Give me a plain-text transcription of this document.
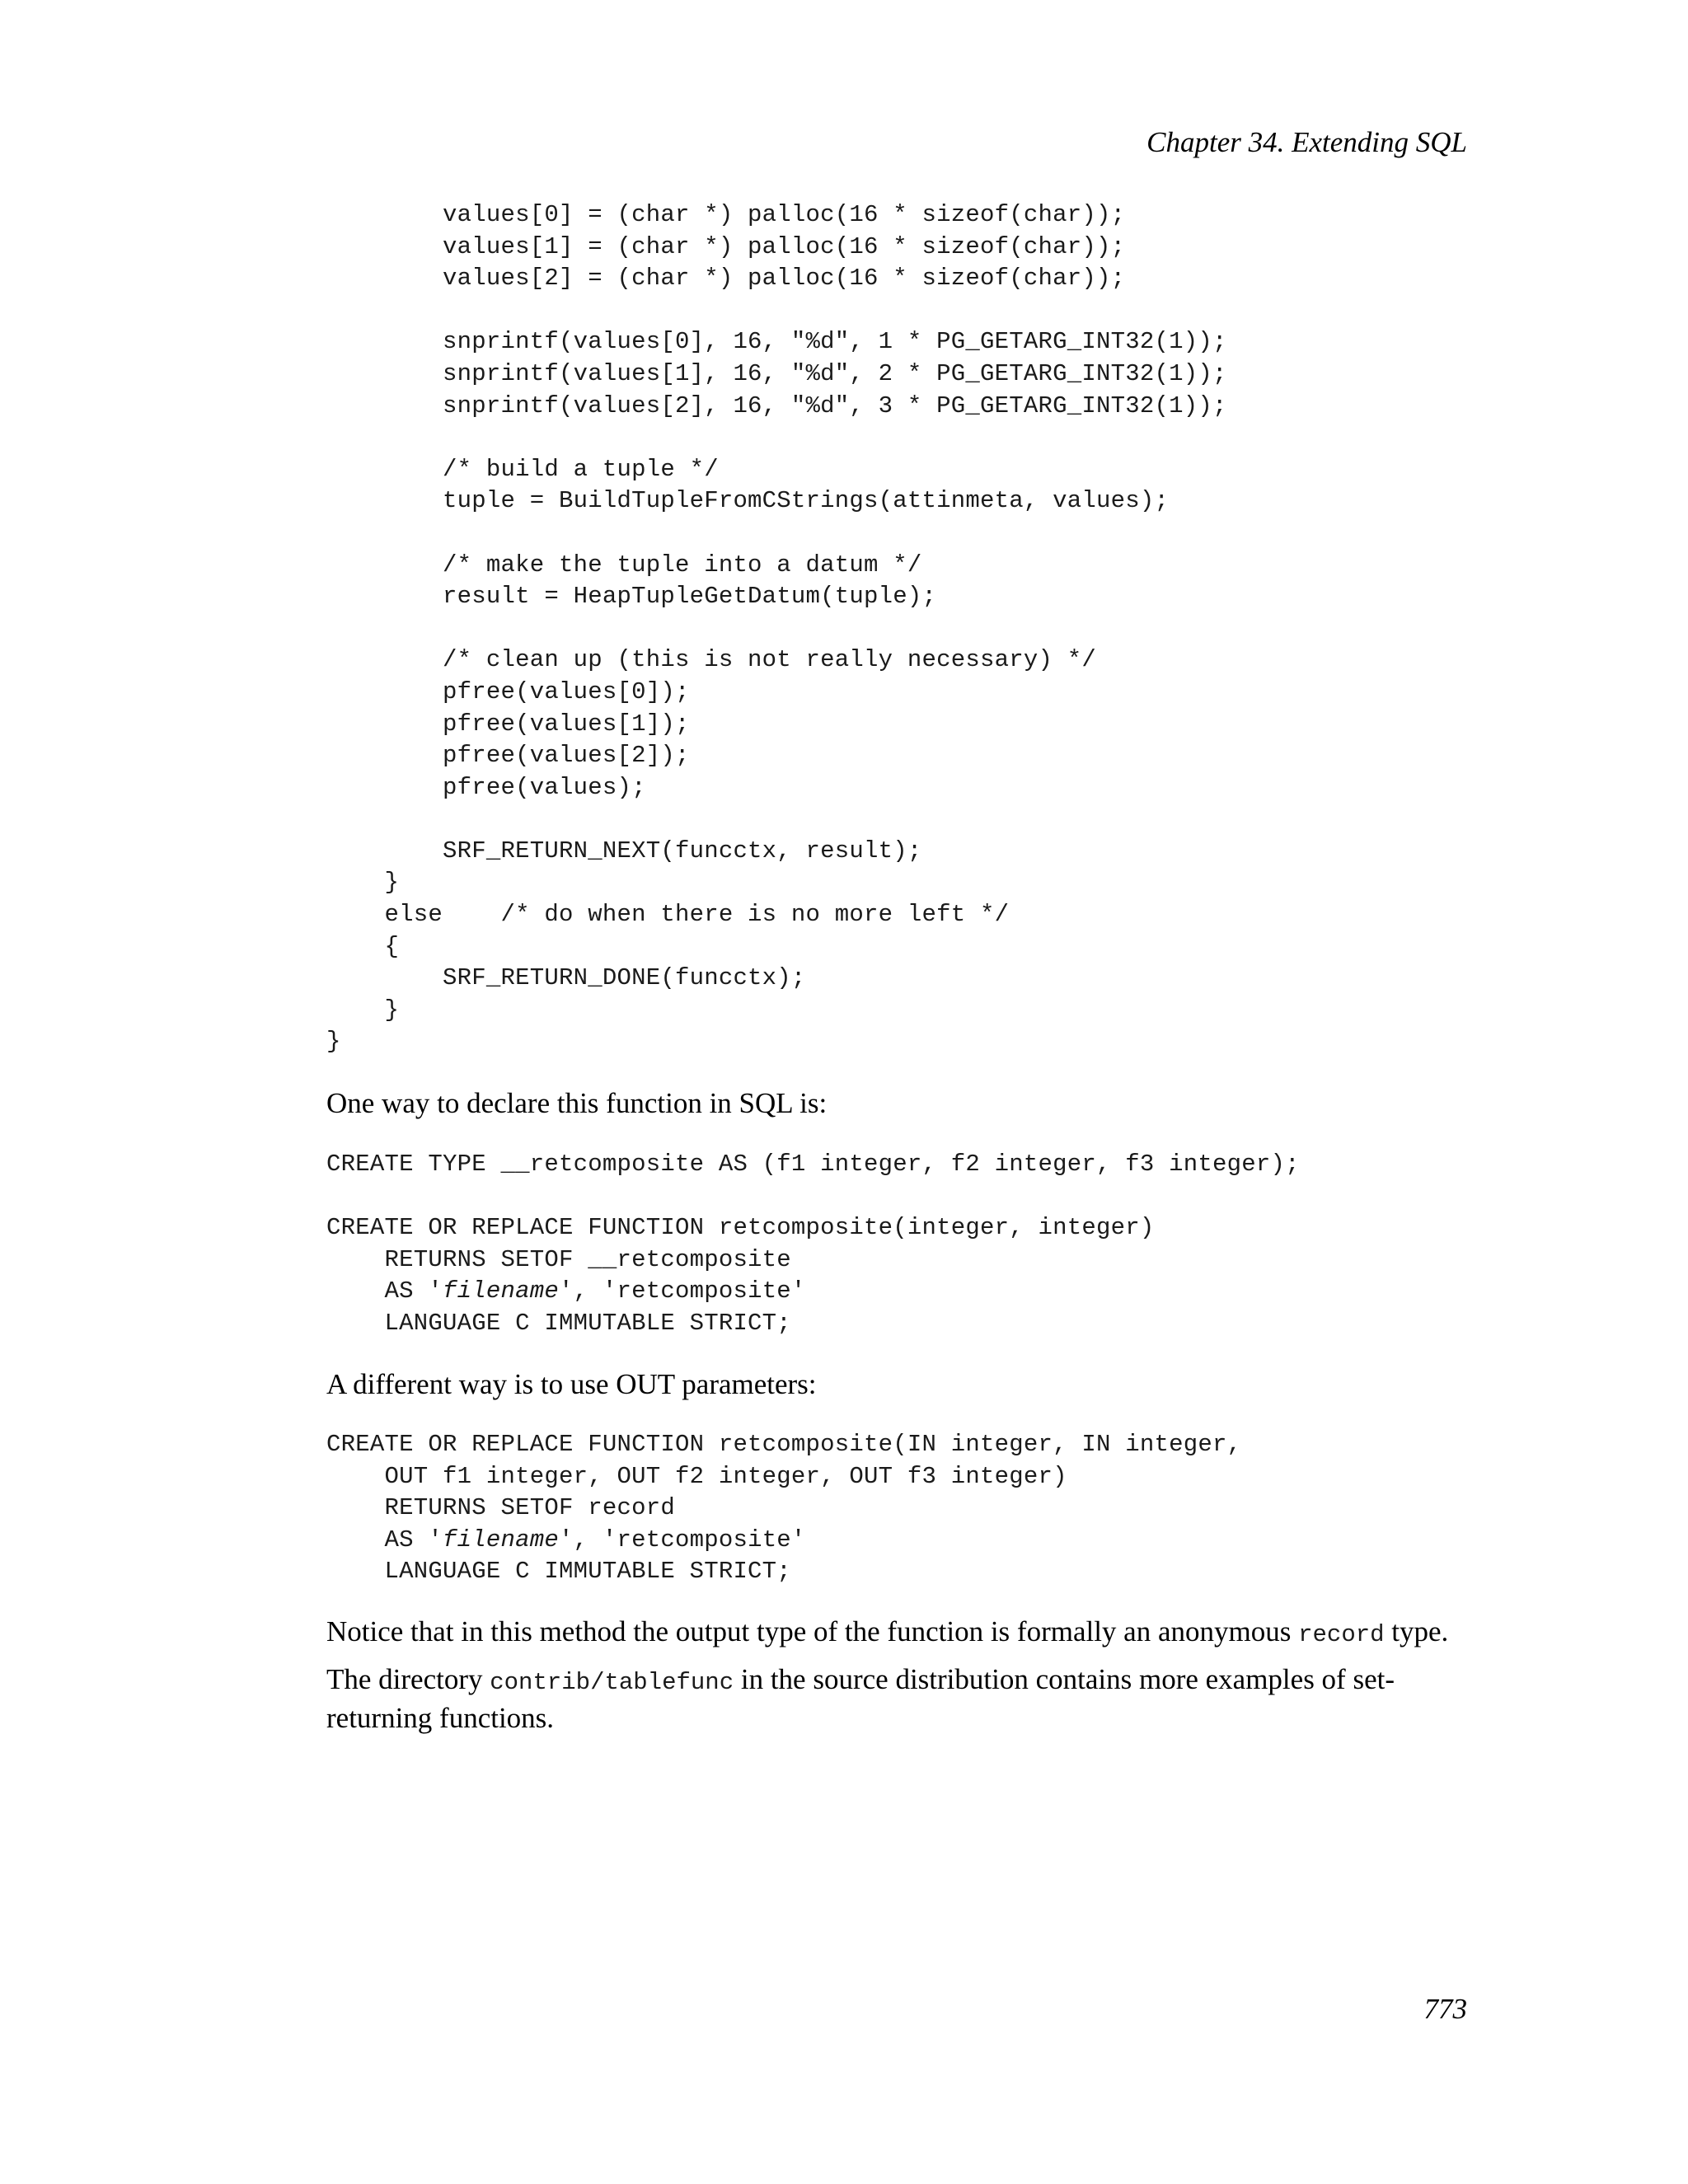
Chapter 34. Extending SQL
values[0] = (char *) palloc(16 * sizeof(char));
values[1] = (char *) palloc(16 * sizeof(char));
values[2] = (char *) palloc(16 * sizeof(char));

snprintf(values[0], 16, "%d", 1 * PG_GETARG_INT32(1));
snprintf(values[1], 16, "%d", 2 * PG_GETARG_INT32(1));
snprintf(values[2], 16, "%d", 3 * PG_GETARG_INT32(1));

/* build a tuple */
tuple = BuildTupleFromCStrings(attinmeta, values);

/* make the tuple into a datum */
result = HeapTupleGetDatum(tuple);

/* clean up (this is not really necessary) */
pfree(values[0]);
pfree(values[1]);
pfree(values[2]);
pfree(values);

SRF_RETURN_NEXT(funcctx, result);
}
else    /* do when there is no more left */
{
SRF_RETURN_DONE(funcctx);
}
}

One way to declare this function in SQL is:

CREATE TYPE __retcomposite AS (f1 integer, f2 integer, f3 integer);

CREATE OR REPLACE FUNCTION retcomposite(integer, integer)
RETURNS SETOF __retcomposite
AS 'filename', 'retcomposite'
LANGUAGE C IMMUTABLE STRICT;

A different way is to use OUT parameters:

CREATE OR REPLACE FUNCTION retcomposite(IN integer, IN integer,
OUT f1 integer, OUT f2 integer, OUT f3 integer)
RETURNS SETOF record
AS 'filename', 'retcomposite'
LANGUAGE C IMMUTABLE STRICT;

Notice that in this method the output type of the function is formally an anonymous record type.

The directory contrib/tablefunc in the source distribution contains more examples of set-returning functions.

773
